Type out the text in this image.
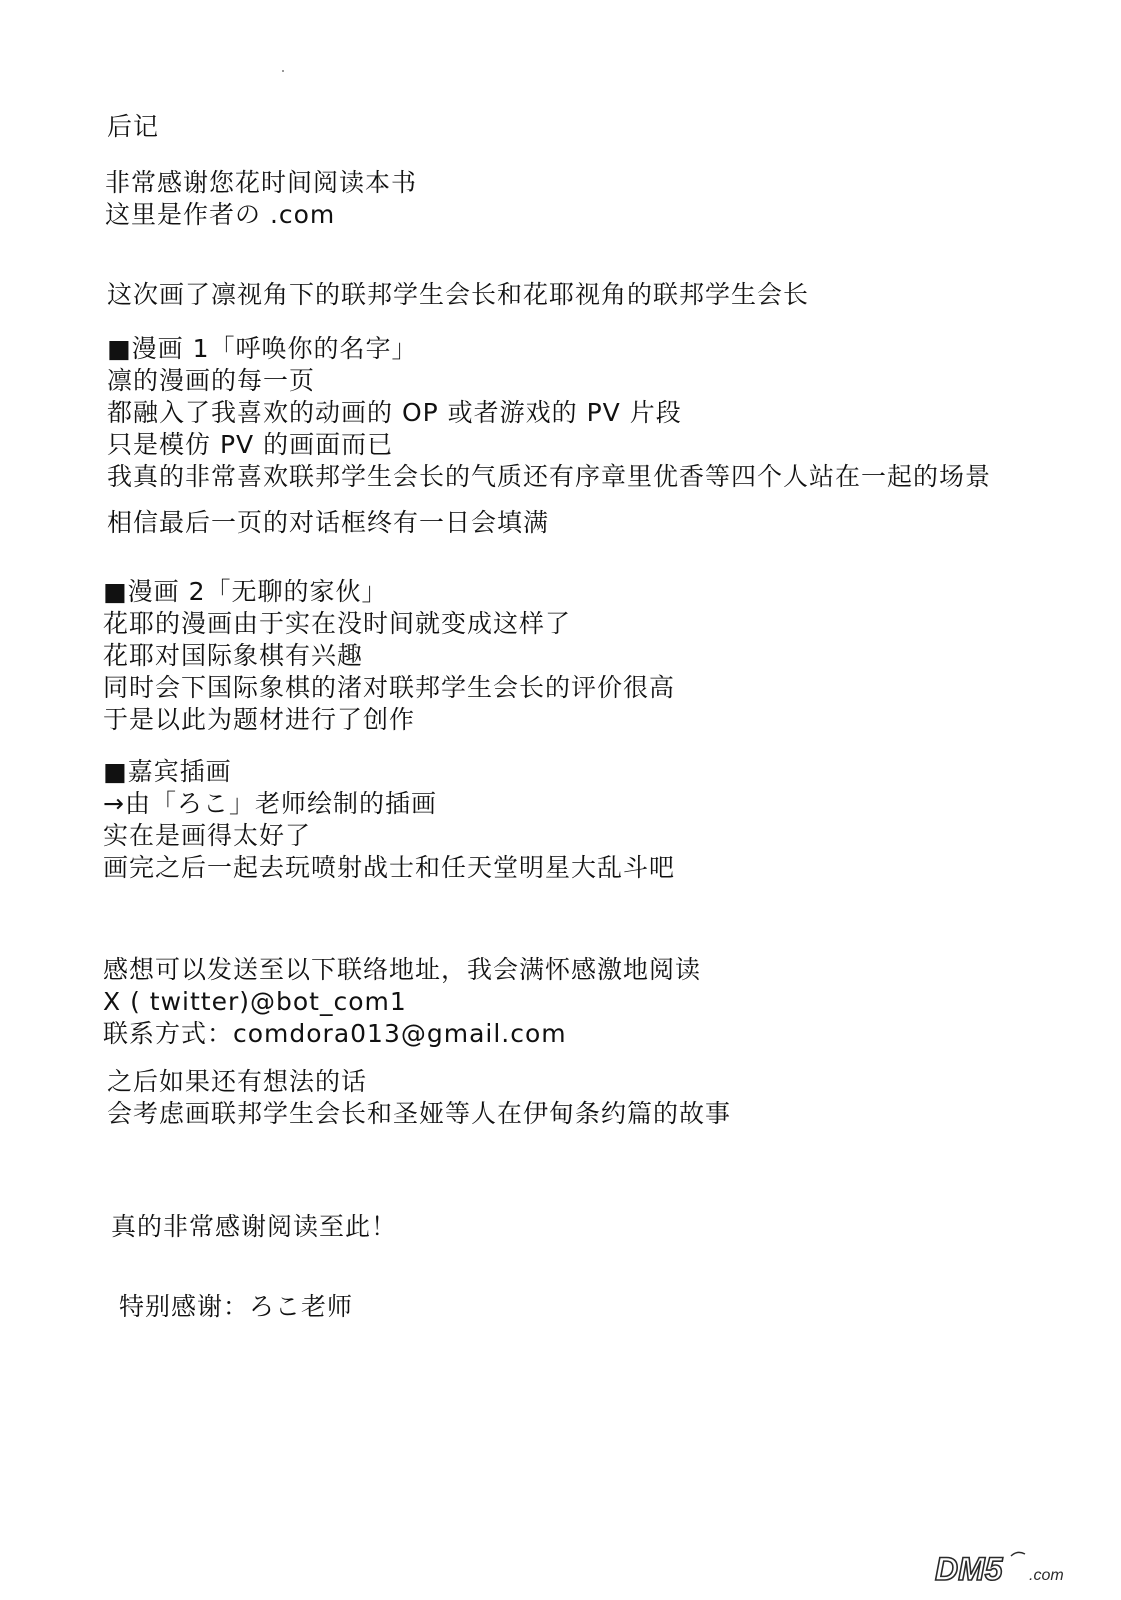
后记
非常感谢您花时间阅读本书
这里是作者の .com
这次画了凛视角下的联邦学生会长和花耶视角的联邦学生会长
■漫画 1「呼唤你的名字」
凛的漫画的每一页
都融入了我喜欢的动画的 OP 或者游戏的 PV 片段
只是模仿 PV 的画面而已
我真的非常喜欢联邦学生会长的气质还有序章里优香等四个人站在一起的场景
相信最后一页的对话框终有一日会填满
■漫画 2「无聊的家伙」
花耶的漫画由于实在没时间就变成这样了
花耶对国际象棋有兴趣
同时会下国际象棋的渚对联邦学生会长的评价很高
于是以此为题材进行了创作
■嘉宾插画
→由「ろこ」老师绘制的插画
实在是画得太好了
画完之后一起去玩喷射战士和任天堂明星大乱斗吧
感想可以发送至以下联络地址，我会满怀感激地阅读
X ( twitter)@bot_com1
联系方式：comdora013@gmail.com
之后如果还有想法的话
会考虑画联邦学生会长和圣娅等人在伊甸条约篇的故事
真的非常感谢阅读至此！
特别感谢：ろこ老师
DM5 .com
